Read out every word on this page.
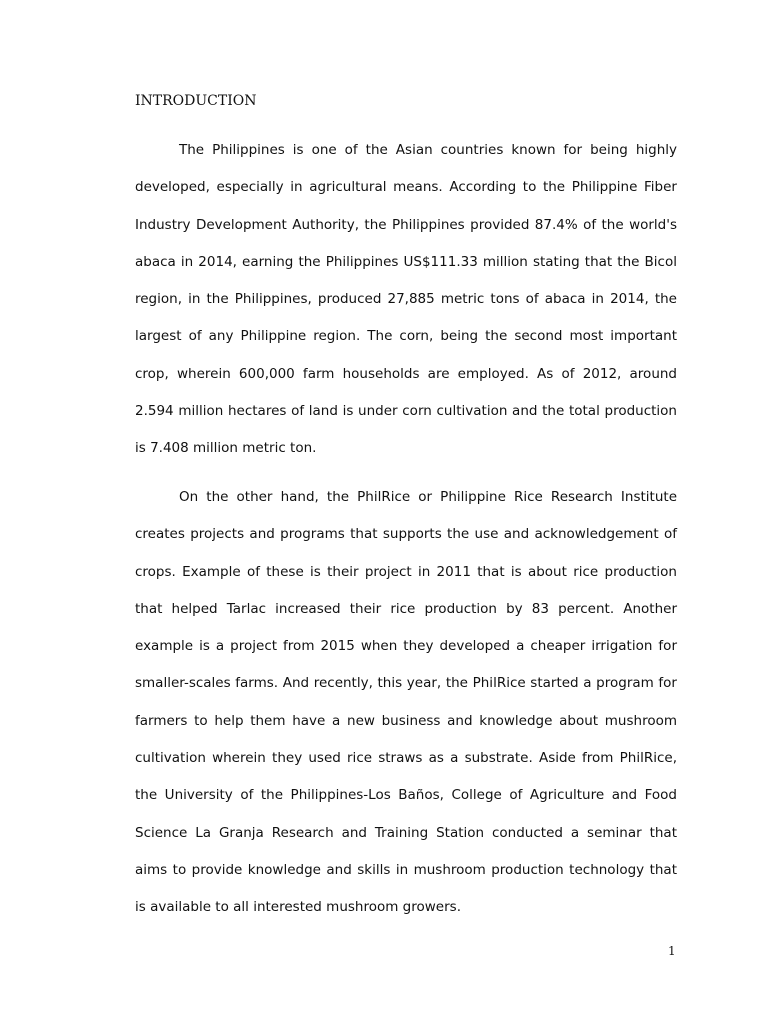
INTRODUCTION

The Philippines is one of the Asian countries known for being highly developed, especially in agricultural means. According to the Philippine Fiber Industry Development Authority, the Philippines provided 87.4% of the world's abaca in 2014, earning the Philippines US$111.33 million stating that the Bicol region, in the Philippines, produced 27,885 metric tons of abaca in 2014, the largest of any Philippine region. The corn, being the second most important crop, wherein 600,000 farm households are employed. As of 2012, around 2.594 million hectares of land is under corn cultivation and the total production is 7.408 million metric ton.

On the other hand, the PhilRice or Philippine Rice Research Institute creates projects and programs that supports the use and acknowledgement of crops. Example of these is their project in 2011 that is about rice production that helped Tarlac increased their rice production by 83 percent. Another example is a project from 2015 when they developed a cheaper irrigation for smaller-scales farms. And recently, this year, the PhilRice started a program for farmers to help them have a new business and knowledge about mushroom cultivation wherein they used rice straws as a substrate. Aside from PhilRice, the University of the Philippines-Los Baños, College of Agriculture and Food Science La Granja Research and Training Station conducted a seminar that aims to provide knowledge and skills in mushroom production technology that is available to all interested mushroom growers.

1
